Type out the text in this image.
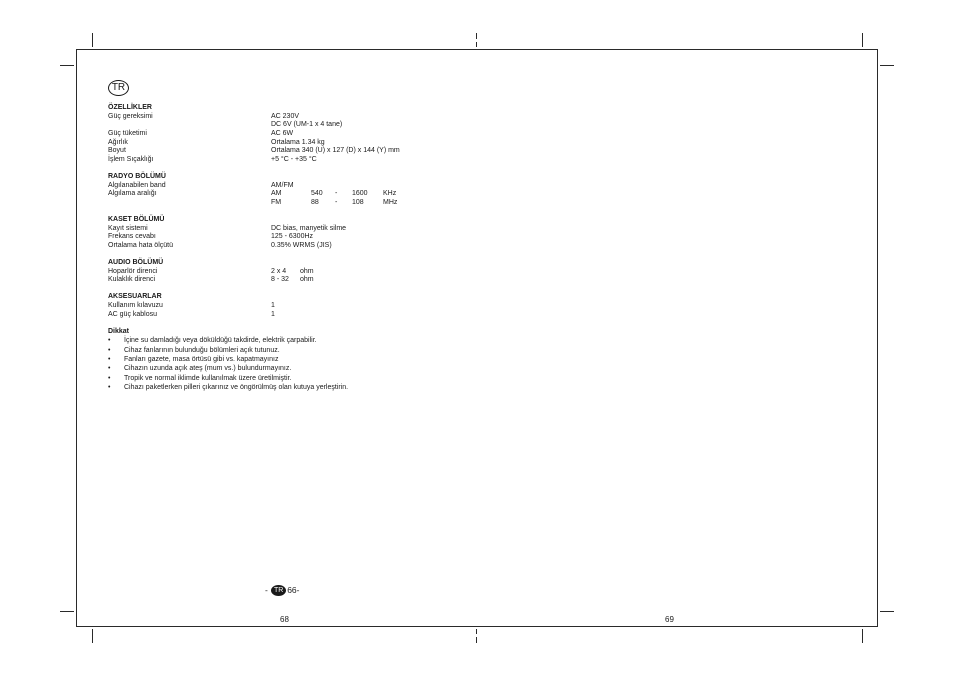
TR
ÖZELLİKLER
Güç gereksimi	AC 230V
DC 6V (UM-1 x 4 tane)
Güç tüketimi	AC 6W
Ağırlık	Ortalama 1.34 kg
Boyut	Ortalama 340 (U) x 127 (D) x 144 (Y) mm
İşlem Sıçaklığı	+5 °C - +35 °C
RADYO BÖLÜMÜ
Algılanabilen band	AM/FM
Algılama aralığı	AM	540 - 1600 KHz
FM	88 - 108	MHz
KASET BÖLÜMÜ
Kayıt sistemi	DC bias, manyetik silme
Frekans cevabı	125 - 6300Hz
Ortalama hata ölçütü	0.35% WRMS (JIS)
AUDIO BÖLÜMÜ
Hoparlör direnci	2 x 4 ohm
Kulaklık direnci	8 - 32 ohm
AKSESUARLAR
Kullanım kılavuzu	1
AC güç kablosu	1
Dikkat
• İçine su damladığı veya döküldüğü takdirde, elektrik çarpabilir.
• Cihaz fanlarının bulunduğu bölümleri açık tutunuz.
• Fanları gazete, masa örtüsü gibi vs. kapatmayınız
• Cihazın uzunda açık ateş (mum vs.) bulundurmayınız.
• Tropik ve normal iklimde kullanılmak üzere üretilmiştir.
• Cihazı paketlerken pilleri çıkarınız ve öngörülmüş olan kutuya yerleştirin.
- TR 66-
68	69
